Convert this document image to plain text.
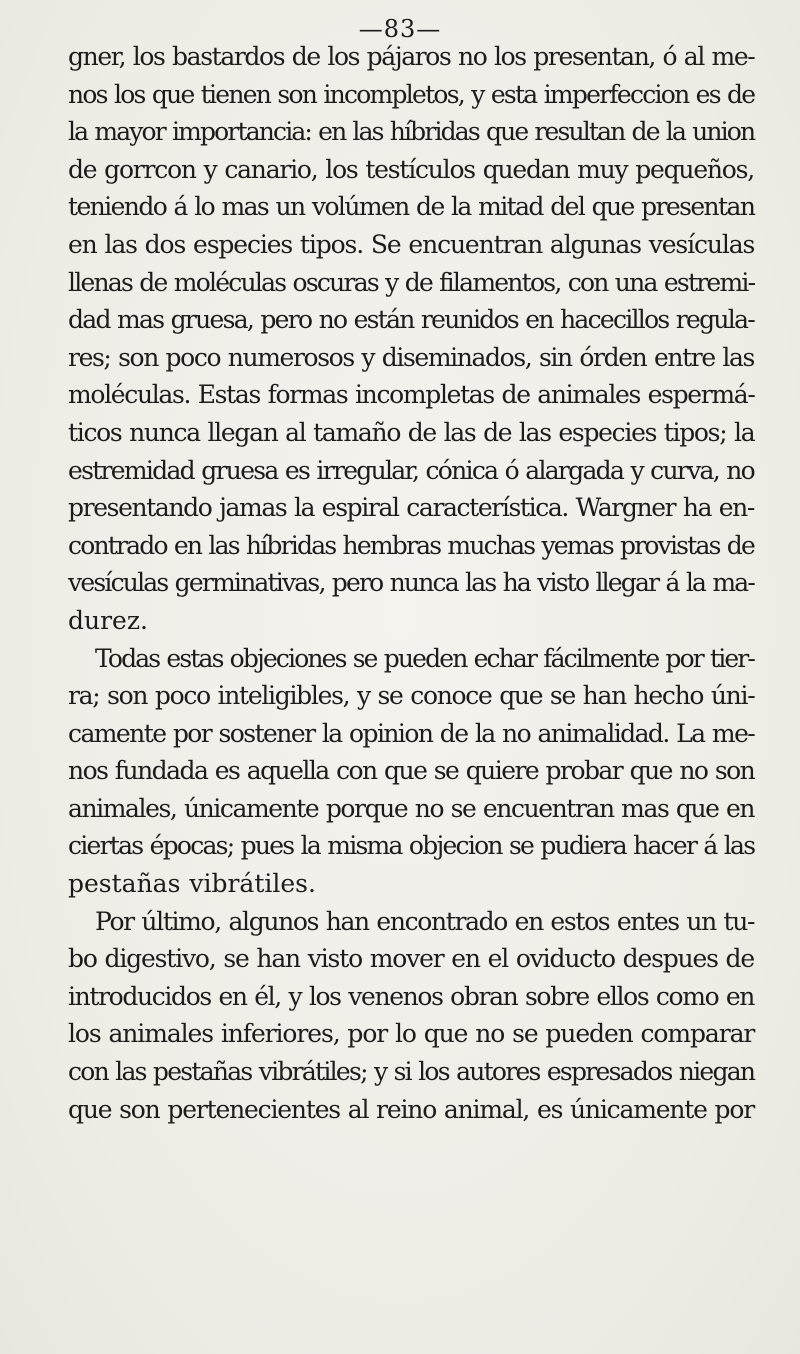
—83—

gner, los bastardos de los pájaros no los presentan, ó al me-
nos los que tienen son incompletos, y esta imperfeccion es de
la mayor importancia: en las híbridas que resultan de la union
de gorrcon y canario, los testículos quedan muy pequeños,
teniendo á lo mas un volúmen de la mitad del que presentan
en las dos especies tipos. Se encuentran algunas vesículas
llenas de moléculas oscuras y de filamentos, con una estremi-
dad mas gruesa, pero no están reunidos en hacecillos regula-
res; son poco numerosos y diseminados, sin órden entre las
moléculas. Estas formas incompletas de animales espermá-
ticos nunca llegan al tamaño de las de las especies tipos; la
estremidad gruesa es irregular, cónica ó alargada y curva, no
presentando jamas la espiral característica. Wargner ha en-
contrado en las híbridas hembras muchas yemas provistas de
vesículas germinativas, pero nunca las ha visto llegar á la ma-
durez.

Todas estas objeciones se pueden echar fácilmente por tier-
ra; son poco inteligibles, y se conoce que se han hecho úni-
camente por sostener la opinion de la no animalidad. La me-
nos fundada es aquella con que se quiere probar que no son
animales, únicamente porque no se encuentran mas que en
ciertas épocas; pues la misma objecion se pudiera hacer á las
pestañas vibrátiles.

Por último, algunos han encontrado en estos entes un tu-
bo digestivo, se han visto mover en el oviducto despues de
introducidos en él, y los venenos obran sobre ellos como en
los animales inferiores, por lo que no se pueden comparar
con las pestañas vibrátiles; y si los autores espresados niegan
que son pertenecientes al reino animal, es únicamente por
